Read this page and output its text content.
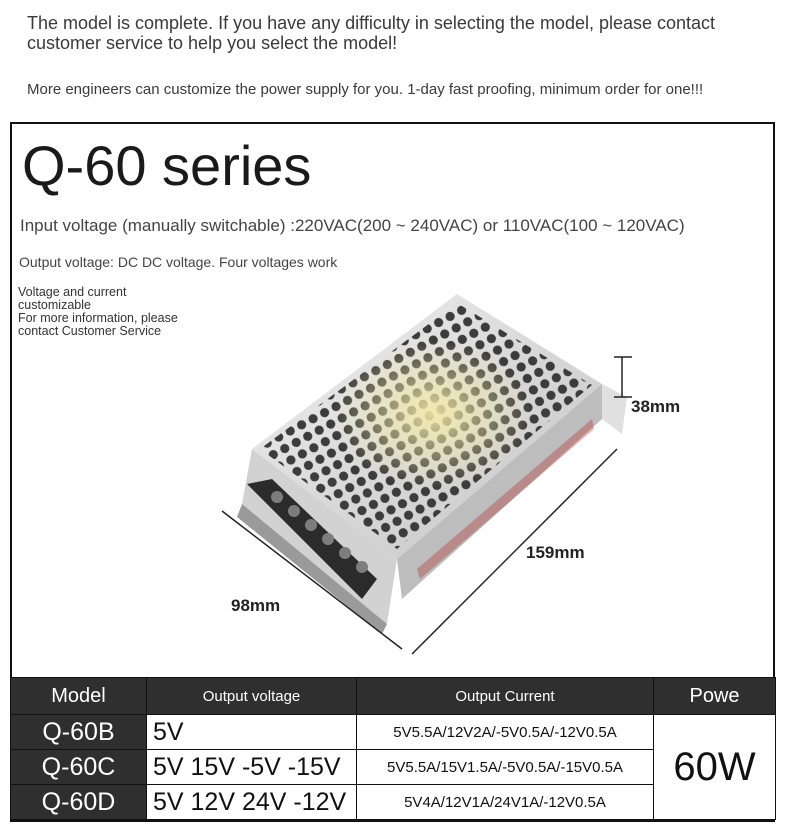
The model is complete. If you have any difficulty in selecting the model, please contact customer service to help you select the model!
More engineers can customize the power supply for you. 1-day fast proofing, minimum order for one!!!
Q-60 series
Input voltage (manually switchable) :220VAC(200 ~ 240VAC) or 110VAC(100 ~ 120VAC)
Output voltage: DC DC voltage. Four voltages work
Voltage and current
customizable
For more information, please
contact Customer Service
38mm
159mm
98mm
Model	Output voltage	Output Current	Powe
Q-60B	5V	5V5.5A/12V2A/-5V0.5A/-12V0.5A	60W
Q-60C	5V 15V -5V -15V	5V5.5A/15V1.5A/-5V0.5A/-15V0.5A	
Q-60D	5V 12V 24V -12V	5V4A/12V1A/24V1A/-12V0.5A	
